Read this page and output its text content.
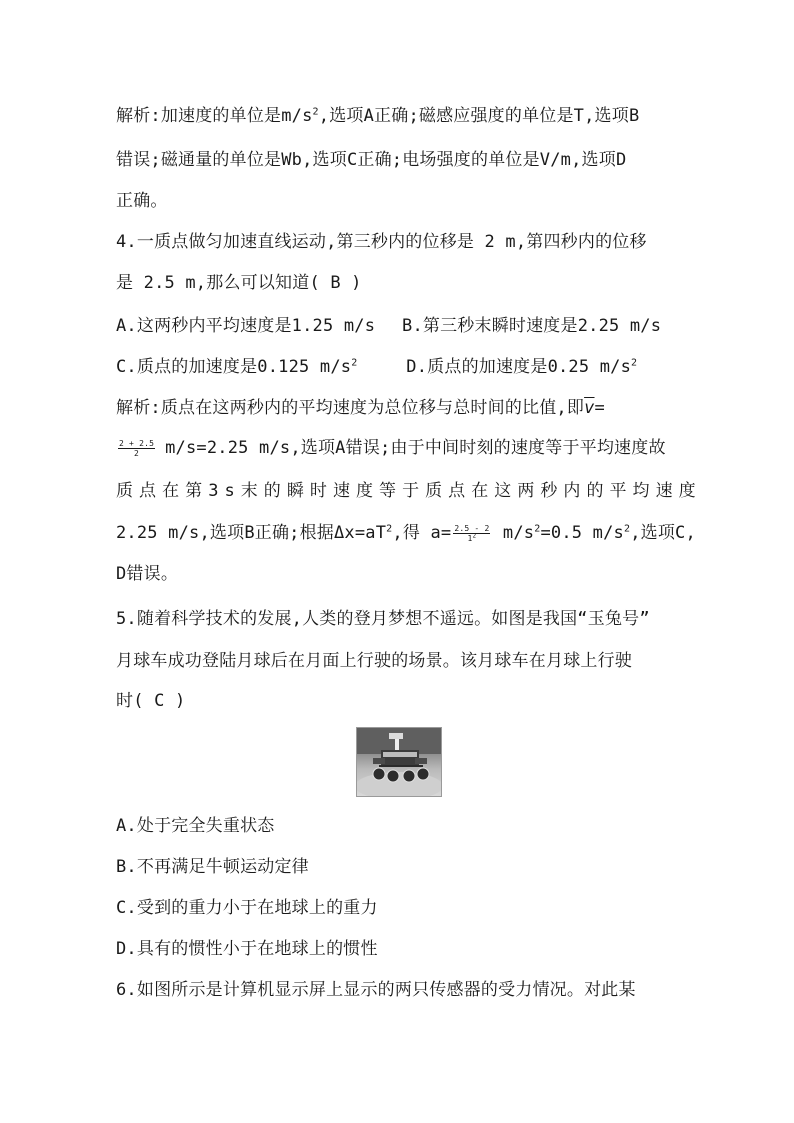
解析:加速度的单位是$m/s^2$,选项A正确;磁感应强度的单位是T,选项B
错误;磁通量的单位是Wb,选项C正确;电场强度的单位是V/m,选项D
正确。
4.一质点做匀加速直线运动,第三秒内的位移是 2 m,第四秒内的位移
是 2.5 m,那么可以知道( B )
A.这两秒内平均速度是1.25 m/s B.第三秒末瞬时速度是2.25 m/s
C.质点的加速度是0.125 $m/s^2$	D.质点的加速度是0.25 $m/s^2$
解析:质点在这两秒内的平均速度为总位移与总时间的比值,即$\overline{v}=$
$\frac{2 + 2.5}{2} m/s=2.25$ m/s,选项A错误;由于中间时刻的速度等于平均速度故
质 点 在 第 3 s 末 的 瞬 时 速 度 等 于 质 点 在 这 两 秒 内 的 平 均 速 度
2.25 m/s,选项B正确;根据$\Delta x=aT^2$,得 $a= \frac{2.5 - 2}{1^2} m/s^2=0.5$ $m/s^2$,选项C,
D错误。
5.随着科学技术的发展,人类的登月梦想不遥远。如图是我国“玉兔号”
月球车成功登陆月球后在月面上行驶的场景。该月球车在月球上行驶
时( C )
A.处于完全失重状态
B.不再满足牛顿运动定律
C.受到的重力小于在地球上的重力
D.具有的惯性小于在地球上的惯性
6.如图所示是计算机显示屏上显示的两只传感器的受力情况。对此某
